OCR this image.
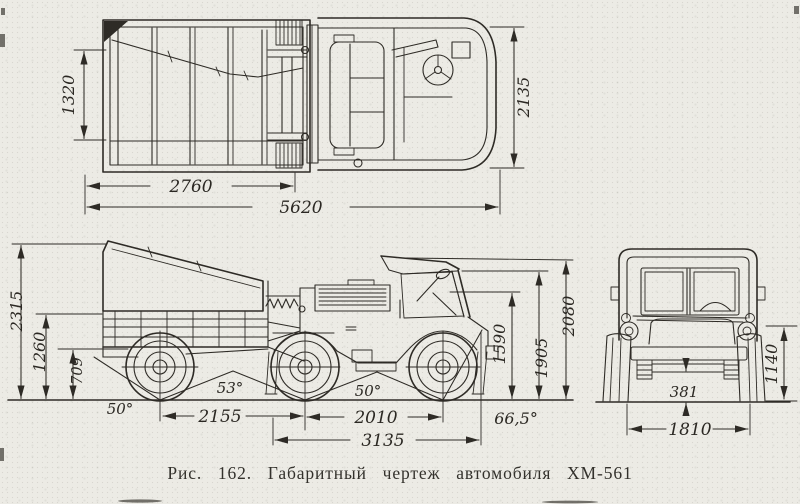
1320	2135
2760
5620
2315
1260 709
50°
53°	50°
66,5°
2155	2010
3135
1590 1905
2080
381
1810
1140
Рис. 162. Габаритный чертеж автомобиля ХМ-561
